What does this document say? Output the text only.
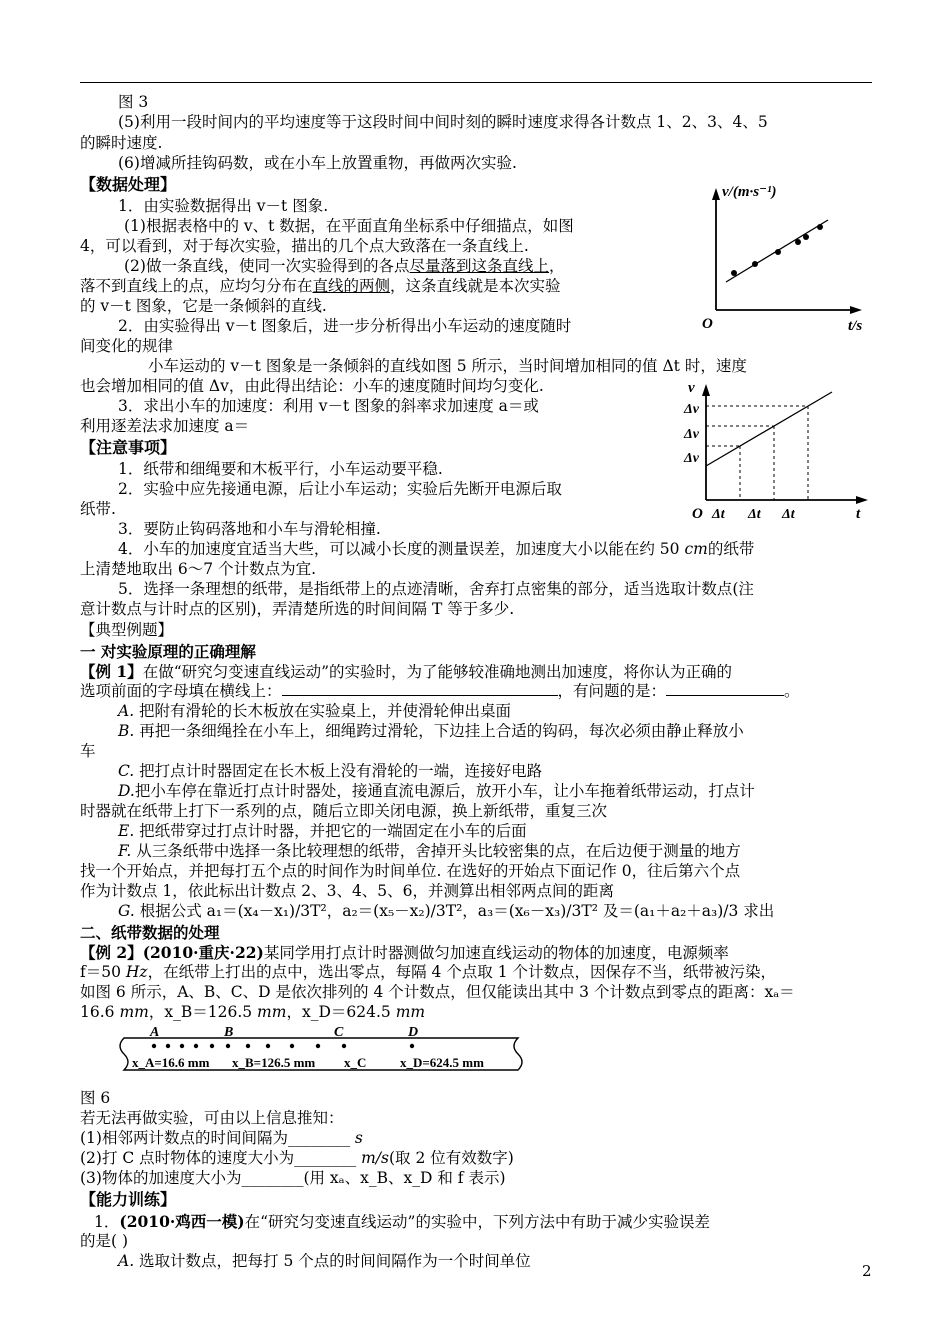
图 3
(5)利用一段时间内的平均速度等于这段时间中间时刻的瞬时速度求得各计数点 1、2、3、4、5
的瞬时速度.
(6)增减所挂钩码数，或在小车上放置重物，再做两次实验.
【数据处理】
1．由实验数据得出 v－t 图象.
(1)根据表格中的 v、t 数据，在平面直角坐标系中仔细描点，如图
4，可以看到，对于每次实验，描出的几个点大致落在一条直线上.
(2)做一条直线，使同一次实验得到的各点尽量落到这条直线上，
落不到直线上的点，应均匀分布在直线的两侧，这条直线就是本次实验
的 v－t 图象，它是一条倾斜的直线.
2．由实验得出 v－t 图象后，进一步分析得出小车运动的速度随时
间变化的规律
小车运动的 v－t 图象是一条倾斜的直线如图 5 所示，当时间增加相同的值 Δt 时，速度
也会增加相同的值 Δv，由此得出结论：小车的速度随时间均匀变化.
3．求出小车的加速度：利用 v－t 图象的斜率求加速度 a＝或
利用逐差法求加速度 a＝
【注意事项】
1．纸带和细绳要和木板平行，小车运动要平稳.
2．实验中应先接通电源，后让小车运动；实验后先断开电源后取
纸带.
3．要防止钩码落地和小车与滑轮相撞.
4．小车的加速度宜适当大些，可以减小长度的测量误差，加速度大小以能在约 50 cm的纸带
上清楚地取出 6～7 个计数点为宜.
5．选择一条理想的纸带，是指纸带上的点迹清晰，舍弃打点密集的部分，适当选取计数点(注
意计数点与计时点的区别)，弄清楚所选的时间间隔 T 等于多少.
【典型例题】
一 对实验原理的正确理解
【例 1】在做“研究匀变速直线运动”的实验时，为了能够较准确地测出加速度，将你认为正确的
选项前面的字母填在横线上：	，有问题的是：	。
A. 把附有滑轮的长木板放在实验桌上，并使滑轮伸出桌面
B. 再把一条细绳拴在小车上，细绳跨过滑轮，下边挂上合适的钩码，每次必须由静止释放小
车
C. 把打点计时器固定在长木板上没有滑轮的一端，连接好电路
D.把小车停在靠近打点计时器处，接通直流电源后，放开小车，让小车拖着纸带运动，打点计
时器就在纸带上打下一系列的点，随后立即关闭电源，换上新纸带，重复三次
E. 把纸带穿过打点计时器，并把它的一端固定在小车的后面
F. 从三条纸带中选择一条比较理想的纸带，舍掉开头比较密集的点，在后边便于测量的地方
找一个开始点，并把每打五个点的时间作为时间单位. 在选好的开始点下面记作 0，往后第六个点
作为计数点 1，依此标出计数点 2、3、4、5、6，并测算出相邻两点间的距离
G. 根据公式 a₁＝(x₄－x₁)/3T²，a₂＝(x₅－x₂)/3T²，a₃＝(x₆－x₃)/3T² 及＝(a₁＋a₂＋a₃)/3 求出
二、纸带数据的处理
【例 2】(2010·重庆·22)某同学用打点计时器测做匀加速直线运动的物体的加速度，电源频率
f＝50 Hz，在纸带上打出的点中，选出零点，每隔 4 个点取 1 个计数点，因保存不当，纸带被污染，
如图 6 所示，A、B、C、D 是依次排列的 4 个计数点，但仅能读出其中 3 个计数点到零点的距离：xₐ＝
16.6 mm，x_B＝126.5 mm，x_D＝624.5 mm
A	B	C	D
x_A=16.6 mm x_B=126.5 mm x_C	x_D=624.5 mm
图 6
若无法再做实验，可由以上信息推知：
(1)相邻两计数点的时间间隔为________ s
(2)打 C 点时物体的速度大小为________ m/s(取 2 位有效数字)
(3)物体的加速度大小为________(用 xₐ、x_B、x_D 和 f 表示)
【能力训练】
1．(2010·鸡西一模)在“研究匀变速直线运动”的实验中，下列方法中有助于减少实验误差
的是( )
A. 选取计数点，把每打 5 个点的时间间隔作为一个时间单位
v/(m·s⁻¹)
O	t/s
v
Δv
Δv
Δv
O Δt Δt Δt	t
2
